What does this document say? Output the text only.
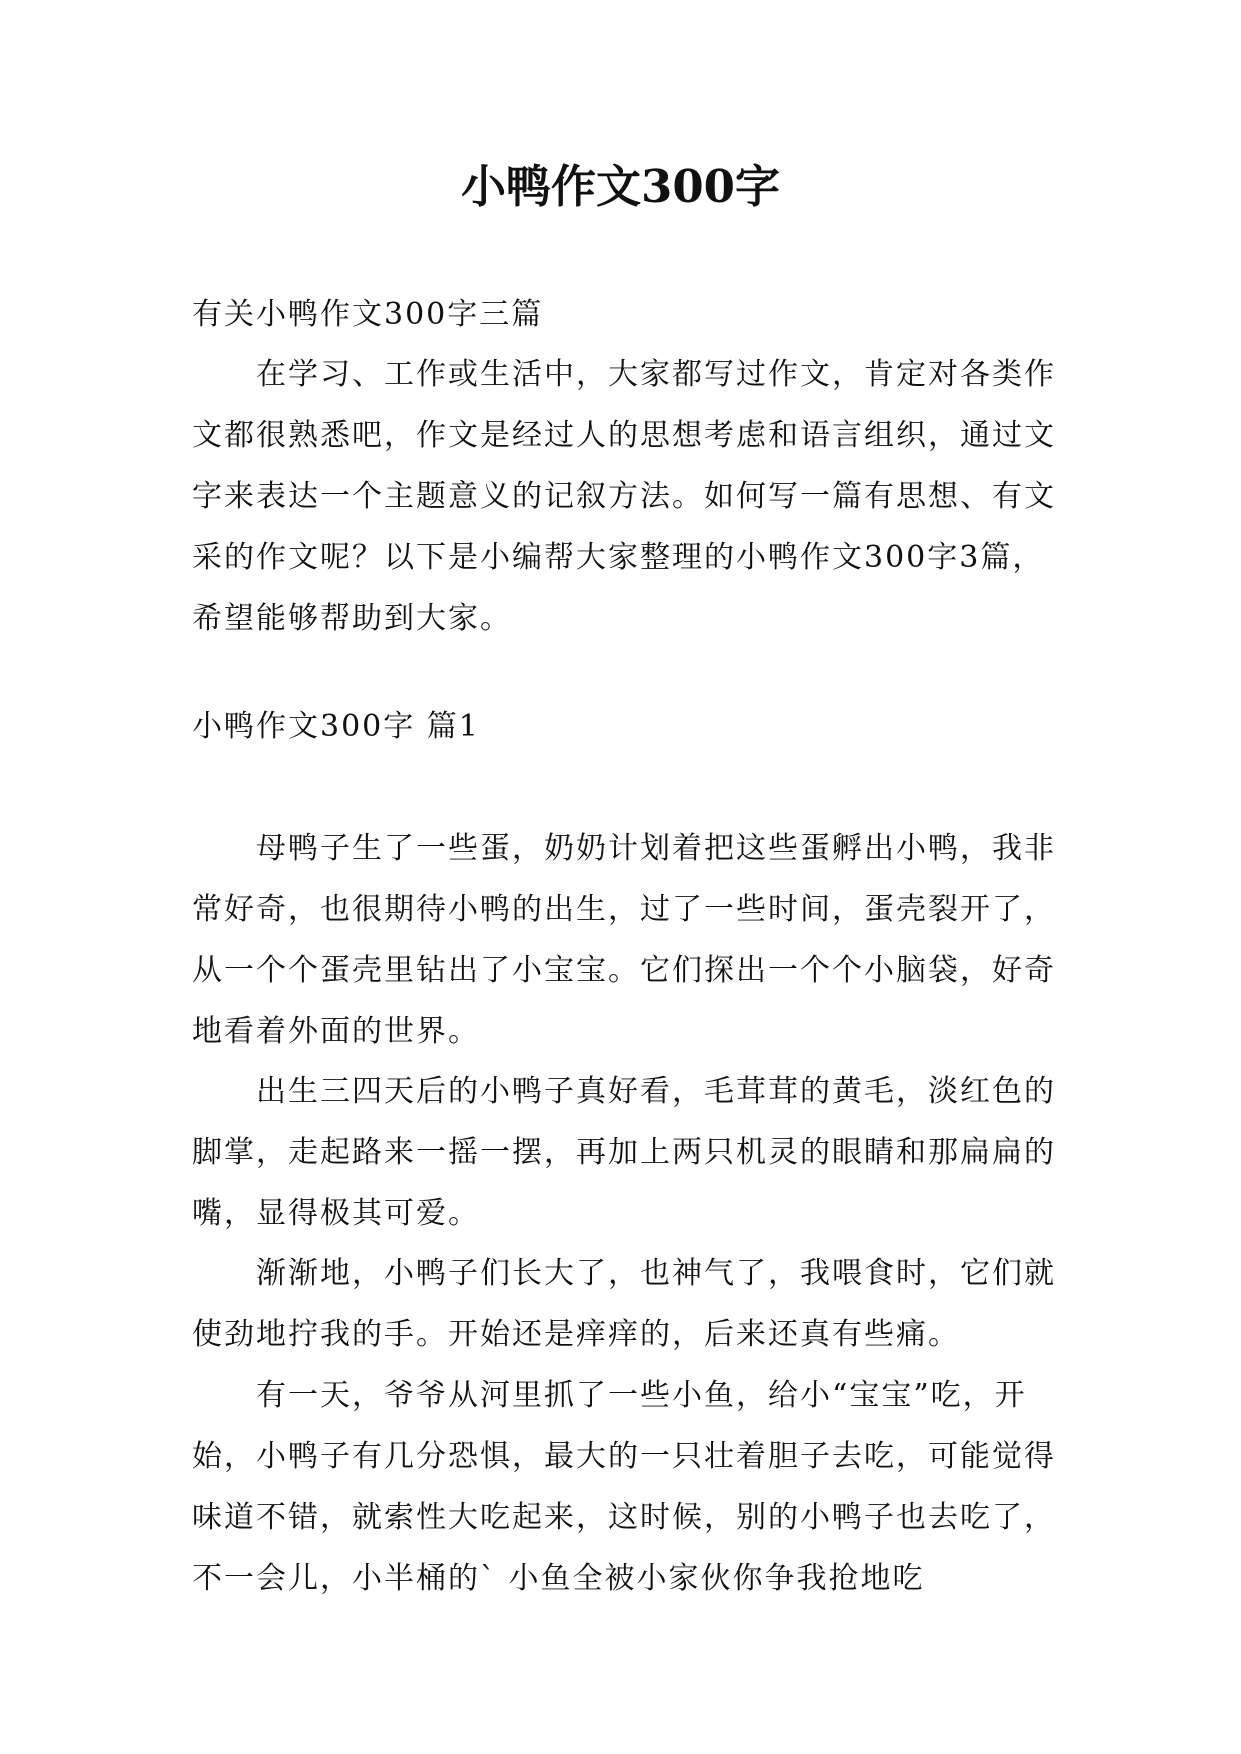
小鸭作文300字
有关小鸭作文300字三篇
在学习、工作或生活中，大家都写过作文，肯定对各类作文都很熟悉吧，作文是经过人的思想考虑和语言组织，通过文字来表达一个主题意义的记叙方法。如何写一篇有思想、有文采的作文呢？以下是小编帮大家整理的小鸭作文300字3篇，希望能够帮助到大家。
小鸭作文300字 篇1

母鸭子生了一些蛋，奶奶计划着把这些蛋孵出小鸭，我非常好奇，也很期待小鸭的出生，过了一些时间，蛋壳裂开了，从一个个蛋壳里钻出了小宝宝。它们探出一个个小脑袋，好奇地看着外面的世界。

出生三四天后的小鸭子真好看，毛茸茸的黄毛，淡红色的脚掌，走起路来一摇一摆，再加上两只机灵的眼睛和那扁扁的嘴，显得极其可爱。

渐渐地，小鸭子们长大了，也神气了，我喂食时，它们就使劲地拧我的手。开始还是痒痒的，后来还真有些痛。

有一天，爷爷从河里抓了一些小鱼，给小“宝宝”吃，开始，小鸭子有几分恐惧，最大的一只壮着胆子去吃，可能觉得味道不错，就索性大吃起来，这时候，别的小鸭子也去吃了，不一会儿，小半桶的` 小鱼全被小家伙你争我抢地吃
